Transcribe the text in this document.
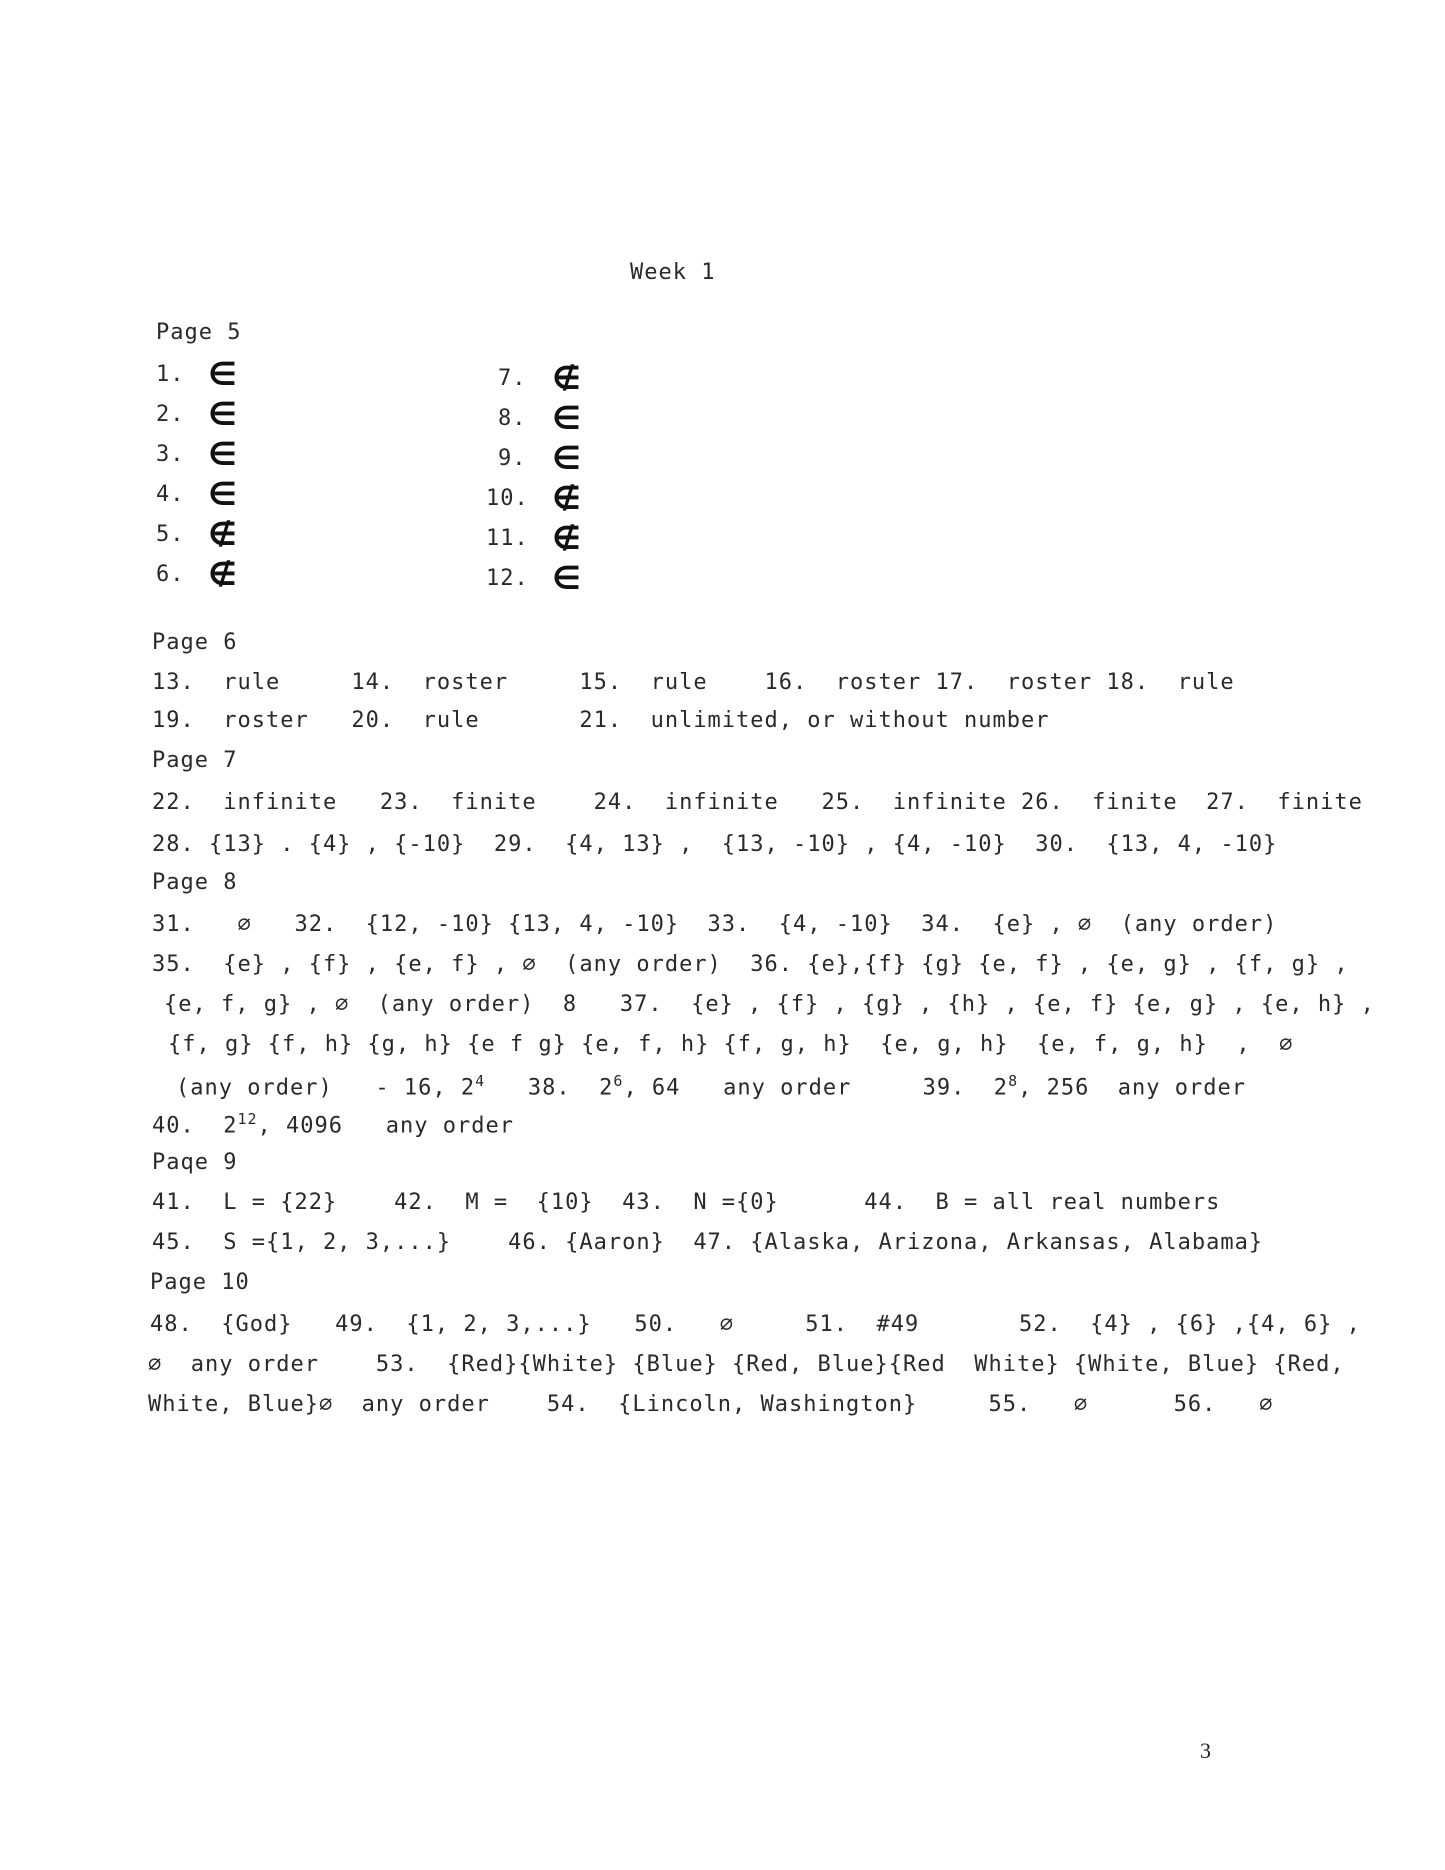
Week 1
Page 5
1. ∈
2. ∈
3. ∈
4. ∈
5. ∉
6. ∉
7. ∉
8. ∈
9. ∈
10. ∉
11. ∉
12. ∈
Page 6
13.  rule     14.  roster     15.  rule    16.  roster 17.  roster 18.  rule
19.  roster   20.  rule       21.  unlimited, or without number
Page 7
22.  infinite   23.  finite    24.  infinite   25.  infinite 26.  finite  27.  finite
28. {13} . {4} , {-10}  29.  {4, 13} ,  {13, -10} , {4, -10}  30.  {13, 4, -10}
Page 8
31.   ∅   32.  {12, -10} {13, 4, -10}  33.  {4, -10}  34.  {e} , ∅  (any order)
35.  {e} , {f} , {e, f} , ∅  (any order)  36. {e},{f} {g} {e, f} , {e, g} , {f, g} ,
{e, f, g} , ∅  (any order)  8   37.  {e} , {f} , {g} , {h} , {e, f} {e, g} , {e, h} ,
{f, g} {f, h} {g, h} {e f g} {e, f, h} {f, g, h}  {e, g, h}  {e, f, g, h}  ,  ∅
(any order)   - 16, $2^4$   38.  $2^6$, 64   any order     39.  $2^8$, 256  any order
40.  $2^{12}$, 4096   any order
Paqe 9
41.  L = {22}    42.  M =  {10}  43.  N ={0}      44.  B = all real numbers
45.  S ={1, 2, 3,...}    46. {Aaron}  47. {Alaska, Arizona, Arkansas, Alabama}
Page 10
48.  {God}   49.  {1, 2, 3,...}   50.   ∅     51.  #49       52.  {4} , {6} ,{4, 6} ,
∅  any order    53.  {Red}{White} {Blue} {Red, Blue}{Red  White} {White, Blue} {Red,
White, Blue}∅  any order    54.  {Lincoln, Washington}     55.   ∅      56.   ∅
3
